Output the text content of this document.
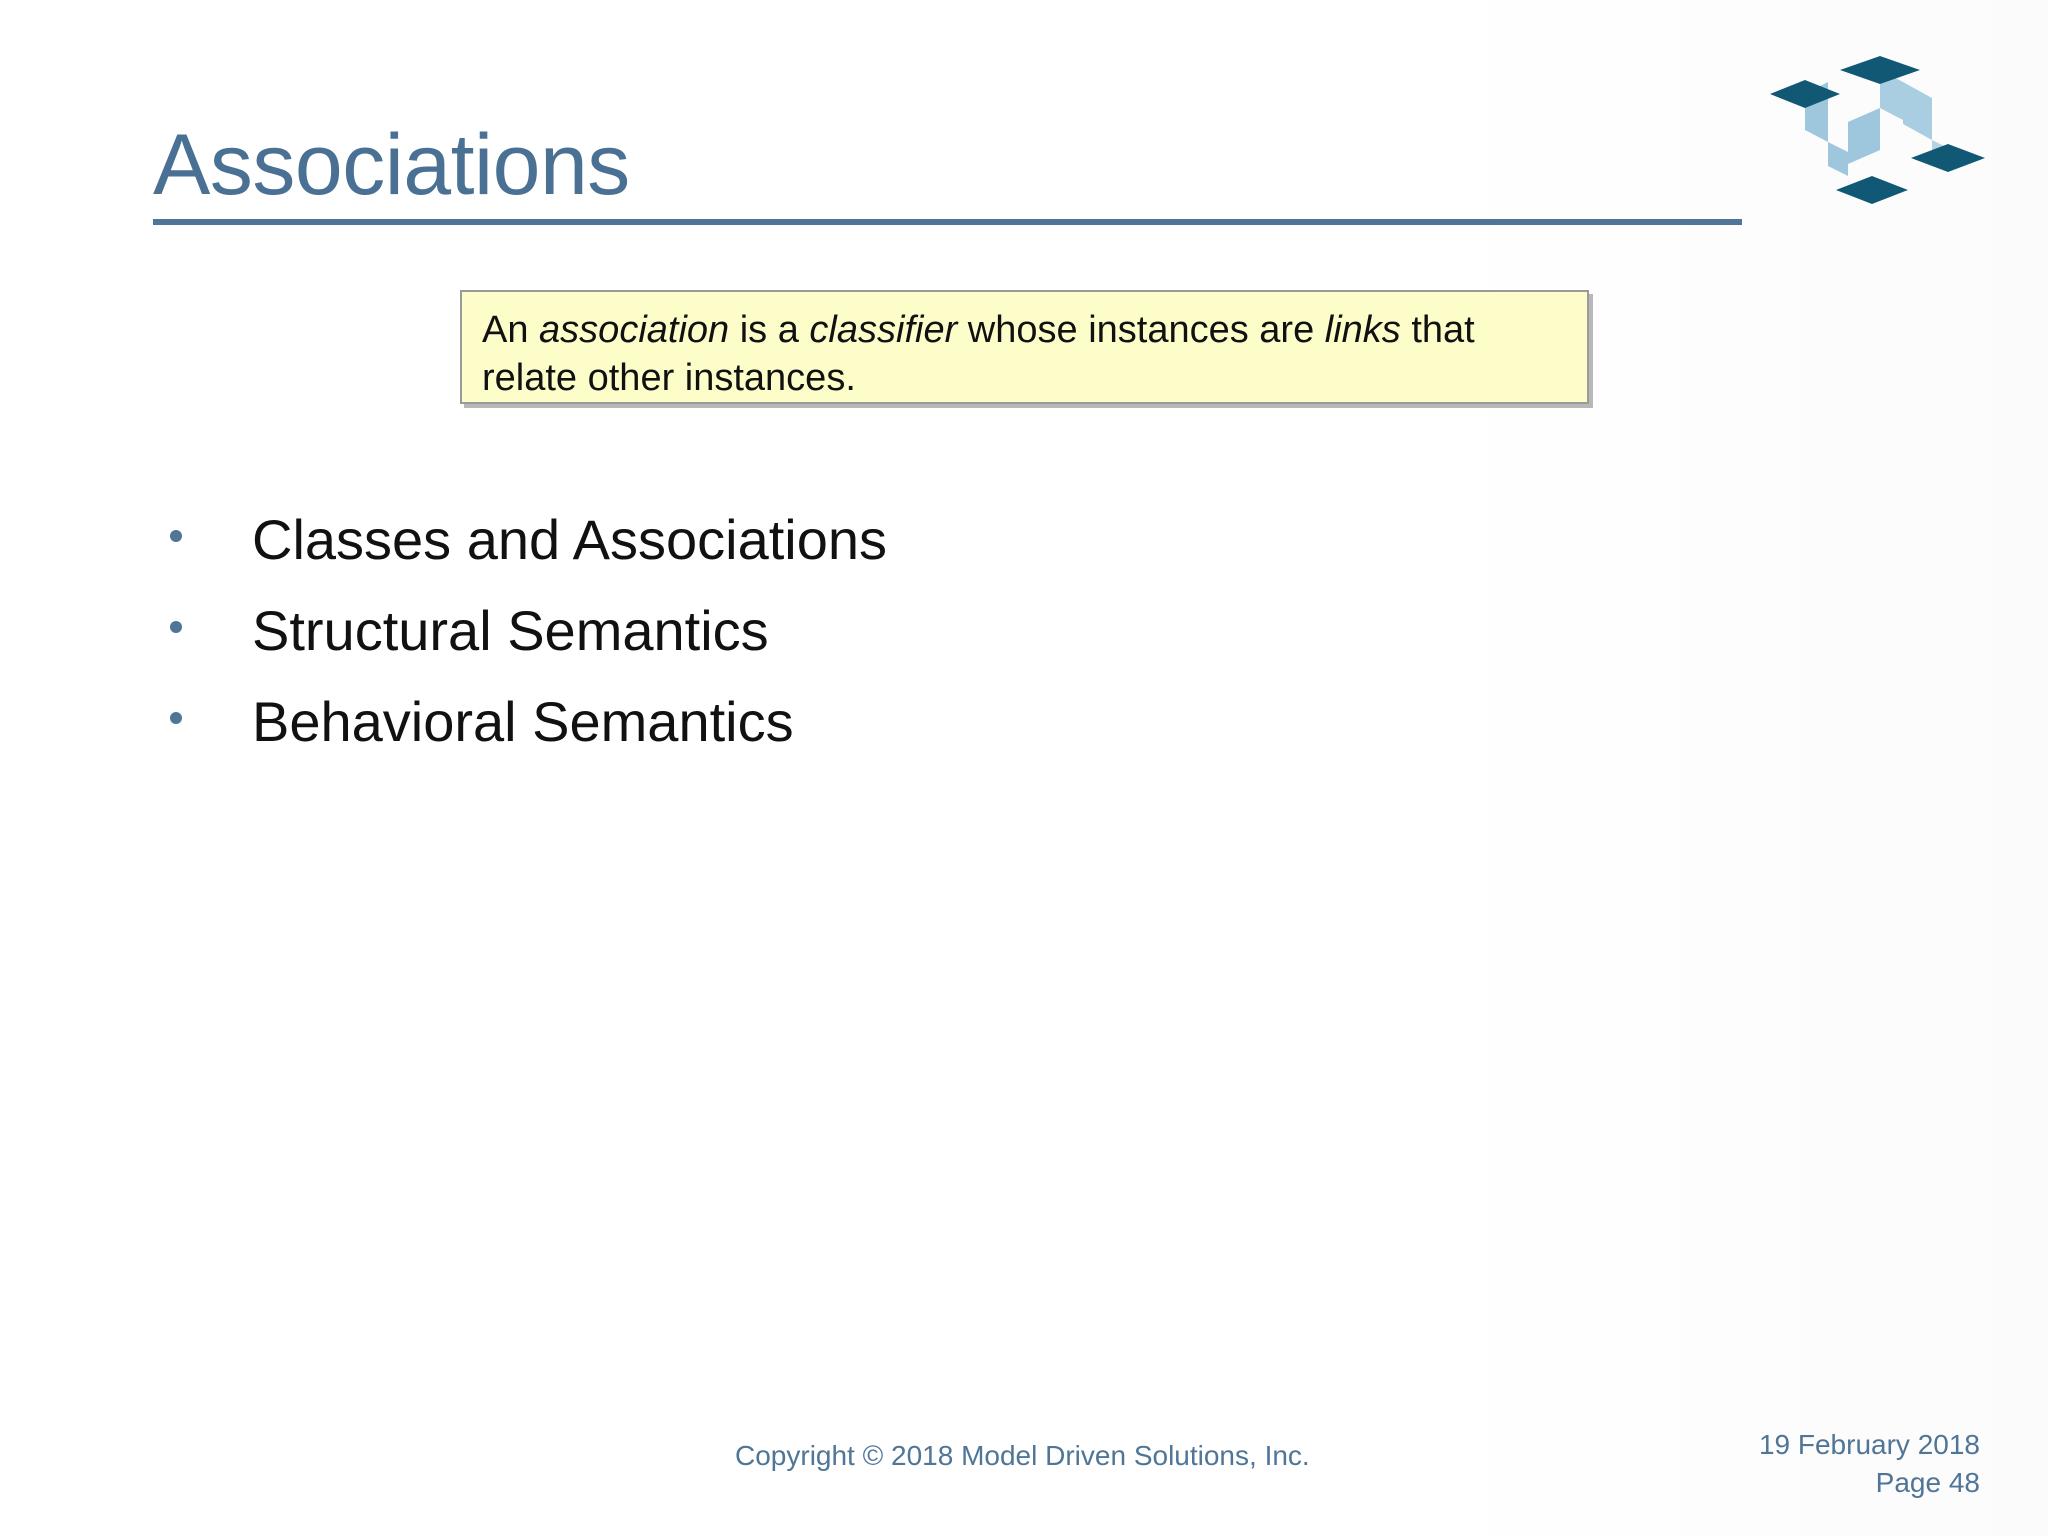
Associations
An association is a classifier whose instances are links that relate other instances.
Classes and Associations
Structural Semantics
Behavioral Semantics
Copyright © 2018 Model Driven Solutions, Inc.	19 February 2018
Page 48
